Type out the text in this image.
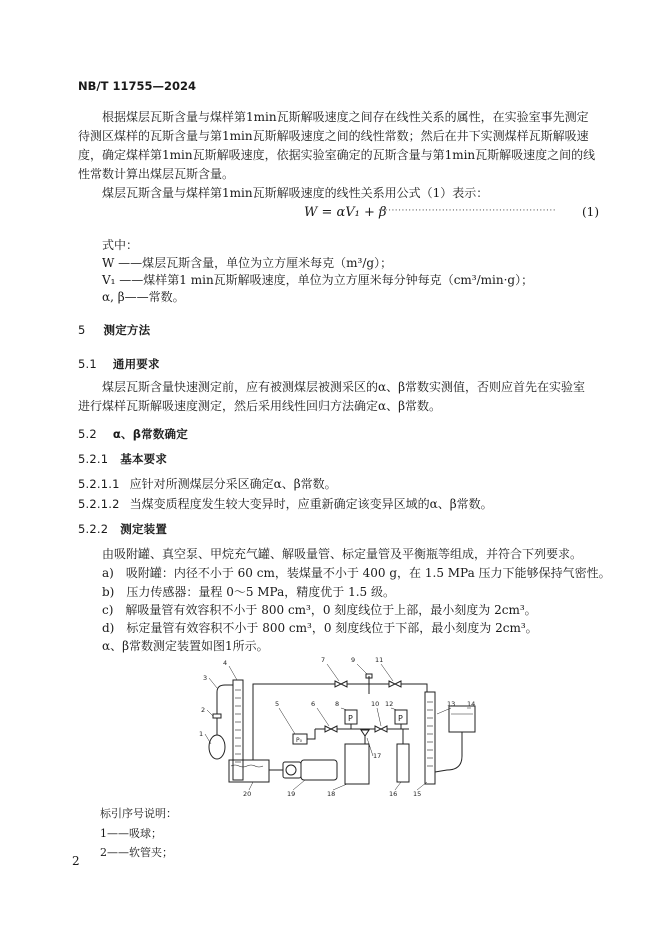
NB/T 11755—2024
根据煤层瓦斯含量与煤样第1min瓦斯解吸速度之间存在线性关系的属性，在实验室事先测定待测区煤样的瓦斯含量与第1min瓦斯解吸速度之间的线性常数；然后在井下实测煤样瓦斯解吸速度，确定煤样第1min瓦斯解吸速度，依据实验室确定的瓦斯含量与第1min瓦斯解吸速度之间的线性常数计算出煤层瓦斯含量。
煤层瓦斯含量与煤样第1min瓦斯解吸速度的线性关系用公式（1）表示：
W = αV₁ + β
·····················································	(1)
式中：
W ——煤层瓦斯含量，单位为立方厘米每克（m³/g）；
V₁ ——煤样第1 min瓦斯解吸速度，单位为立方厘米每分钟每克（cm³/min·g）；
α, β——常数。
5 测定方法
5.1 通用要求
煤层瓦斯含量快速测定前，应有被测煤层被测采区的α、β常数实测值，否则应首先在实验室进行煤样瓦斯解吸速度测定，然后采用线性回归方法确定α、β常数。
5.2 α、β常数确定
5.2.1 基本要求
5.2.1.1 应针对所测煤层分采区确定α、β常数。
5.2.1.2 当煤变质程度发生较大变异时，应重新确定该变异区域的α、β常数。
5.2.2 测定装置
由吸附罐、真空泵、甲烷充气罐、解吸量管、标定量管及平衡瓶等组成，并符合下列要求。
a) 吸附罐：内径不小于 60 cm，装煤量不小于 400 g，在 1.5 MPa 压力下能够保持气密性。
b) 压力传感器：量程 0～5 MPa，精度优于 1.5 级。
c) 解吸量管有效容积不小于 800 cm³，0 刻度线位于上部，最小刻度为 2cm³。
d) 标定量管有效容积不小于 800 cm³，0 刻度线位于下部，最小刻度为 2cm³。
α、β常数测定装置如图1所示。
P₀
P	P
1
2
3
4
5	6
7
8
9
10
11
12	13 14
15
16
17
18
19
20
标引序号说明：
1——吸球；
2——软管夹；
2
